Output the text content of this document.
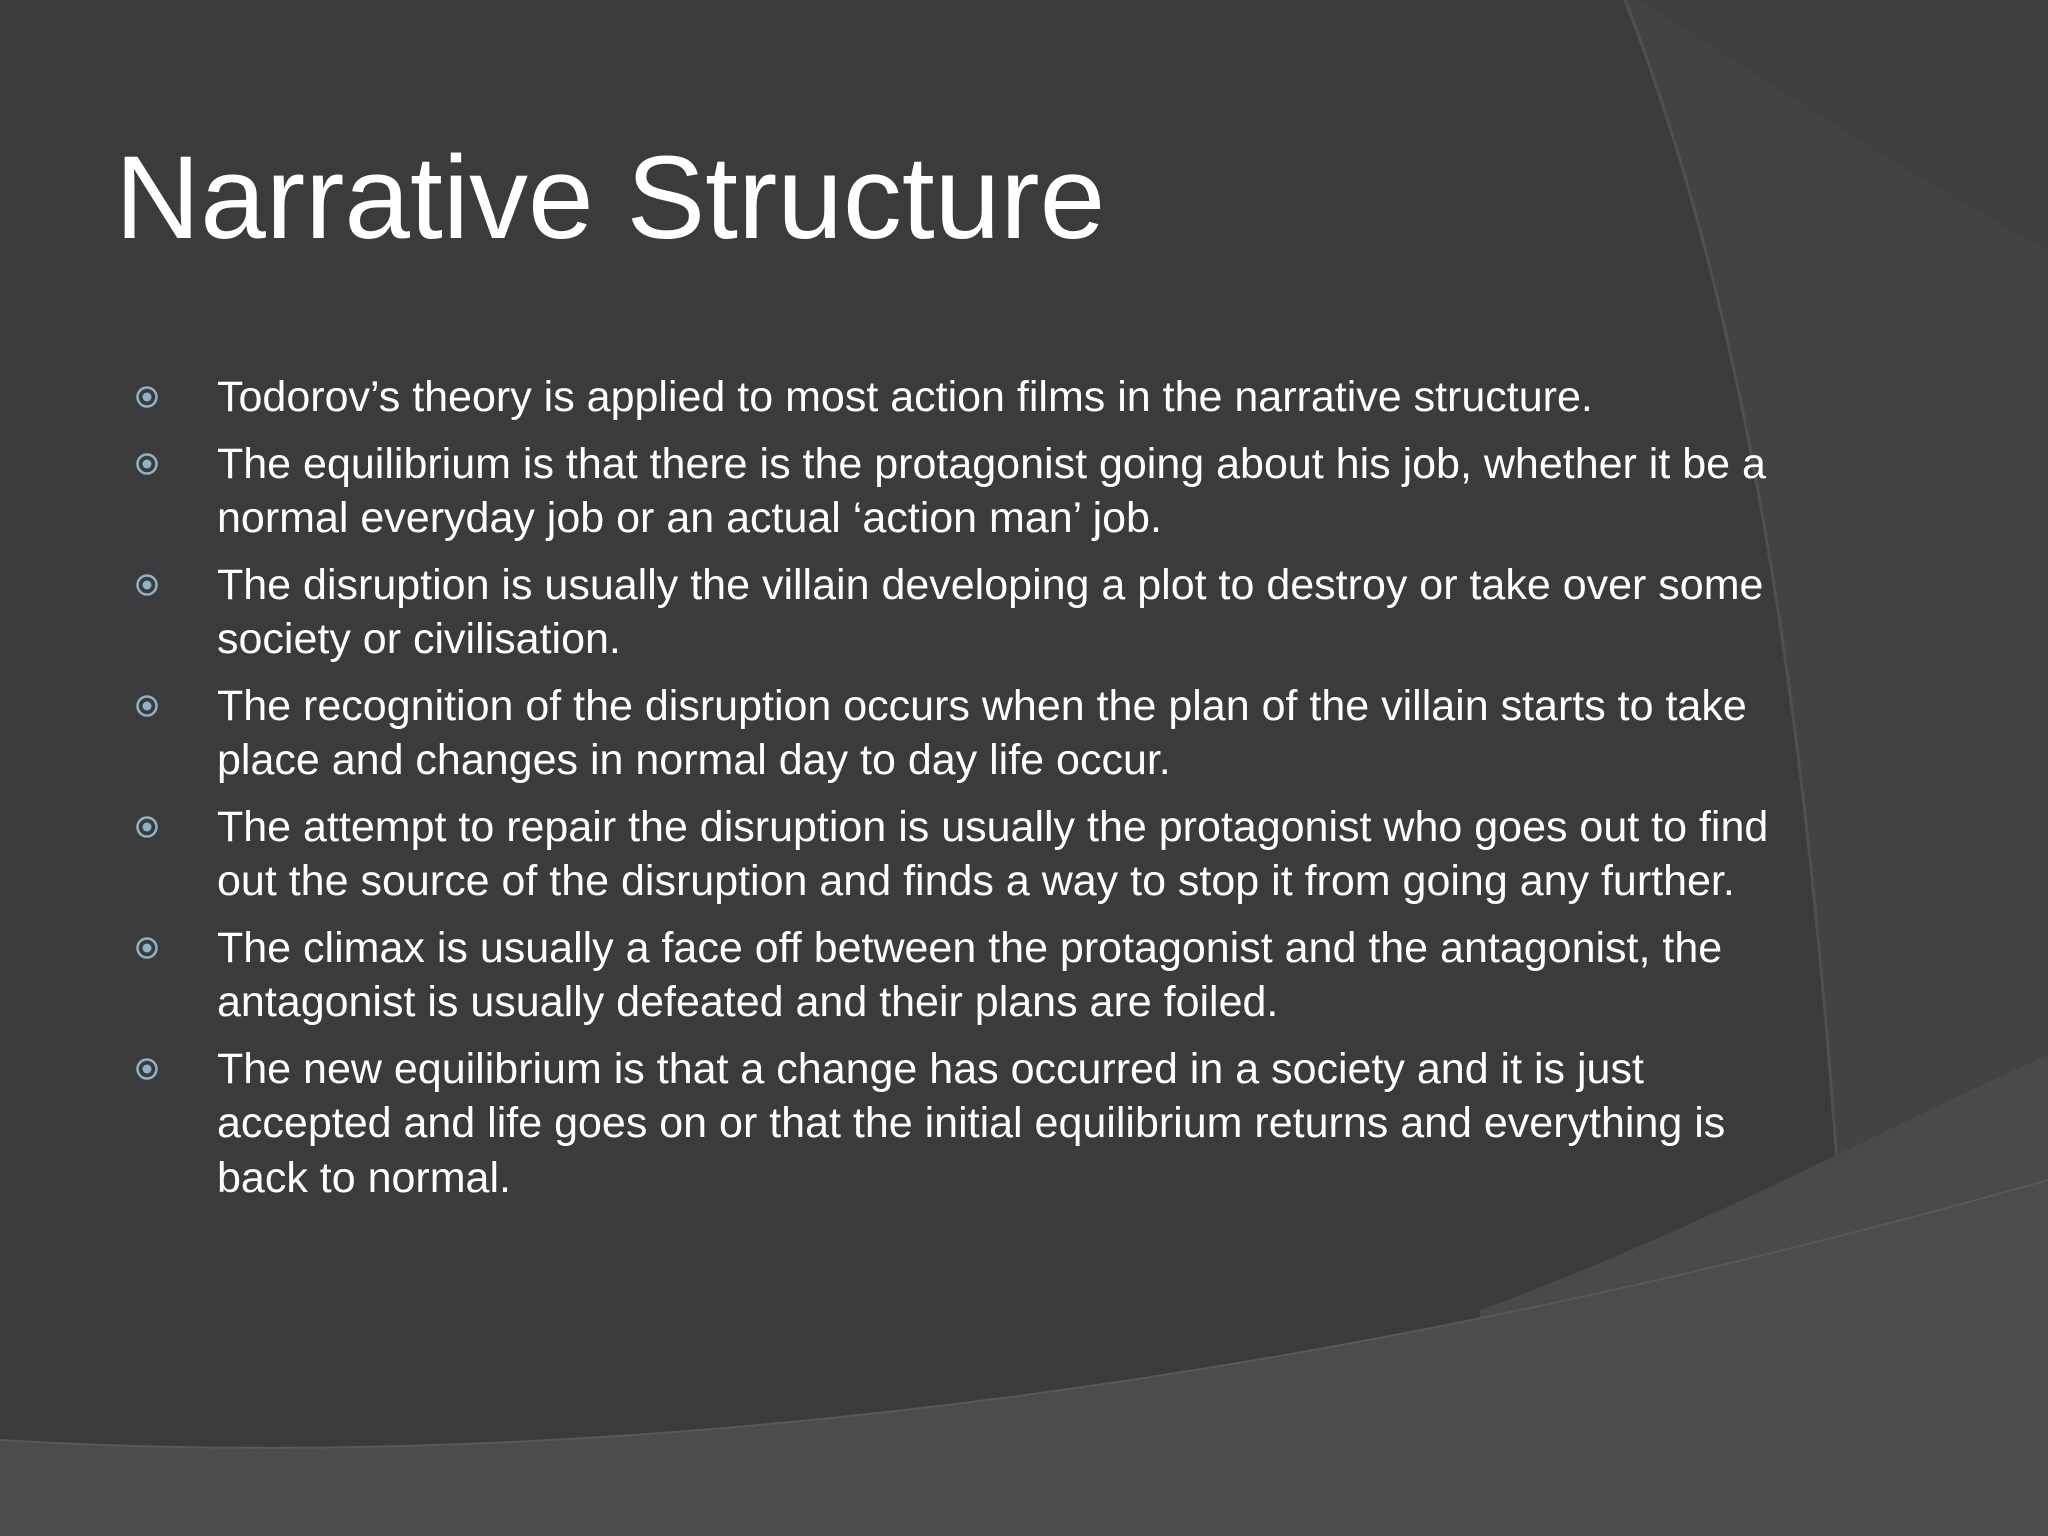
Narrative Structure
Todorov’s theory is applied to most action films in the narrative structure.
The equilibrium is that there is the protagonist going about his job, whether it be a normal everyday job or an actual ‘action man’ job.
The disruption is usually the villain developing a plot to destroy or take over some society or civilisation.
The recognition of the disruption occurs when the plan of the villain starts to take place and changes in normal day to day life occur.
The attempt to repair the disruption is usually the protagonist who goes out to find out the source of the disruption and finds a way to stop it from going any further.
The climax is usually a face off between the protagonist and the antagonist, the antagonist is usually defeated and their plans are foiled.
The new equilibrium is that a change has occurred in a society and it is just accepted and life goes on or that the initial equilibrium returns and everything is back to normal.
